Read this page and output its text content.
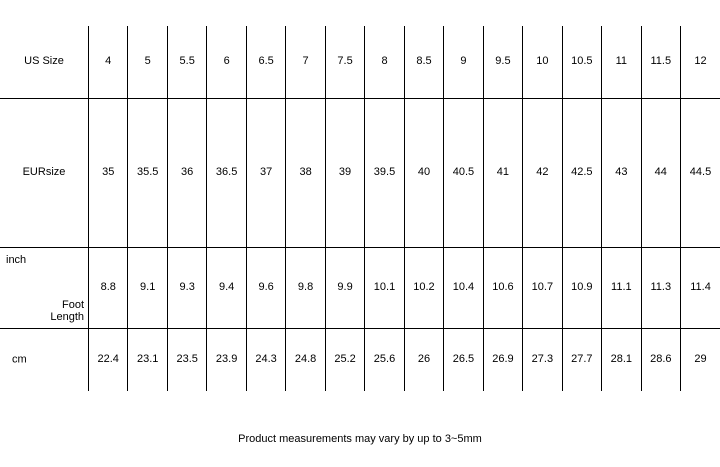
US Size	4	5	5.5	6	6.5	7	7.5	8	8.5	9	9.5	10	10.5	11	11.5	12
EURsize	35	35.5	36	36.5	37	38	39	39.5	40	40.5	41	42	42.5	43	44	44.5

inch
Foot
Length	8.8	9.1	9.3	9.4	9.6	9.8	9.9	10.1	10.2	10.4	10.6	10.7	10.9	11.1	11.3	11.4

cm	22.4	23.1	23.5	23.9	24.3	24.8	25.2	25.6	26	26.5	26.9	27.3	27.7	28.1	28.6	29
Product measurements may vary by up to 3~5mm
